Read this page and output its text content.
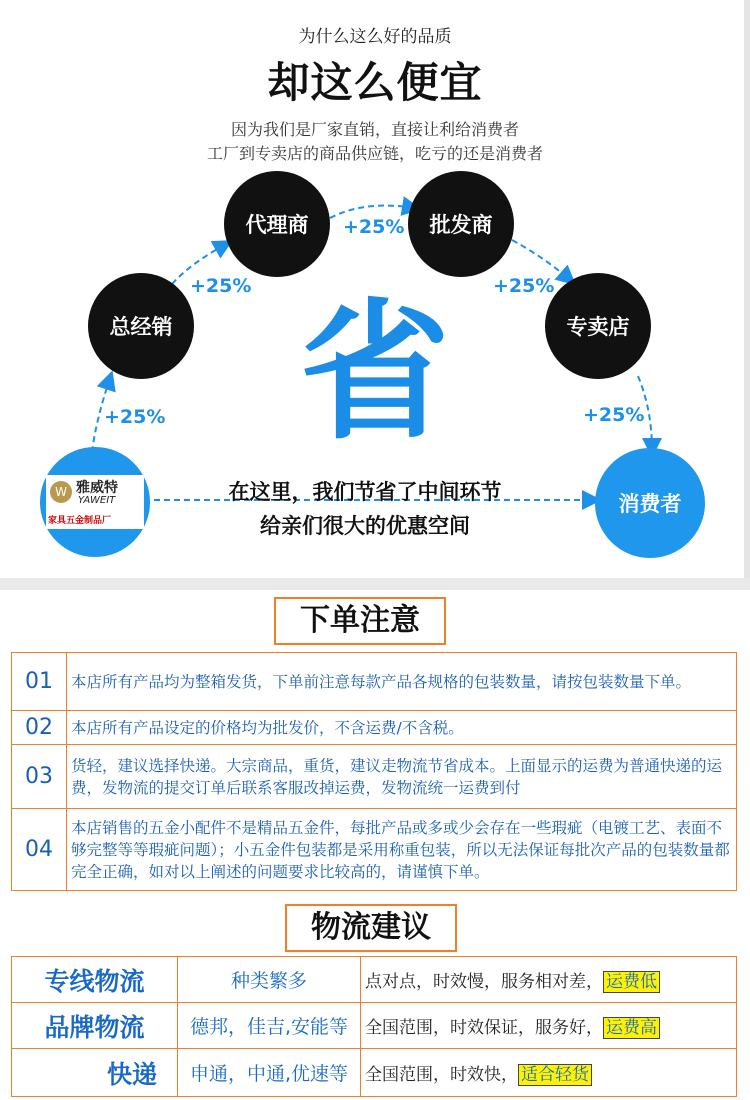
为什么这么好的品质
却这么便宜
因为我们是厂家直销，直接让利给消费者
工厂到专卖店的商品供应链，吃亏的还是消费者
总经销
代理商	批发商
专卖店
消费者
+25%
+25%
+25%
+25%
+25%
省
W 雅威特
YAWEIT
家具五金制品厂
在这里，我们节省了中间环节
给亲们很大的优惠空间
下单注意
01	本店所有产品均为整箱发货，下单前注意每款产品各规格的包装数量，请按包装数量下单。
02	本店所有产品设定的价格均为批发价，不含运费/不含税。
03	货轻，建议选择快递。大宗商品，重货，建议走物流节省成本。上面显示的运费为普通快递的运费，发物流的提交订单后联系客服改掉运费，发物流统一运费到付
04	本店销售的五金小配件不是精品五金件，每批产品或多或少会存在一些瑕疵（电镀工艺、表面不够完整等等瑕疵问题）；小五金件包装都是采用称重包装，所以无法保证每批次产品的包装数量都完全正确，如对以上阐述的问题要求比较高的，请谨慎下单。
物流建议
专线物流	种类繁多	点对点，时效慢，服务相对差， 运费低
品牌物流	德邦，佳吉,安能等	全国范围，时效保证，服务好， 运费高
快递	申通，中通,优速等	全国范围，时效快， 适合轻货
